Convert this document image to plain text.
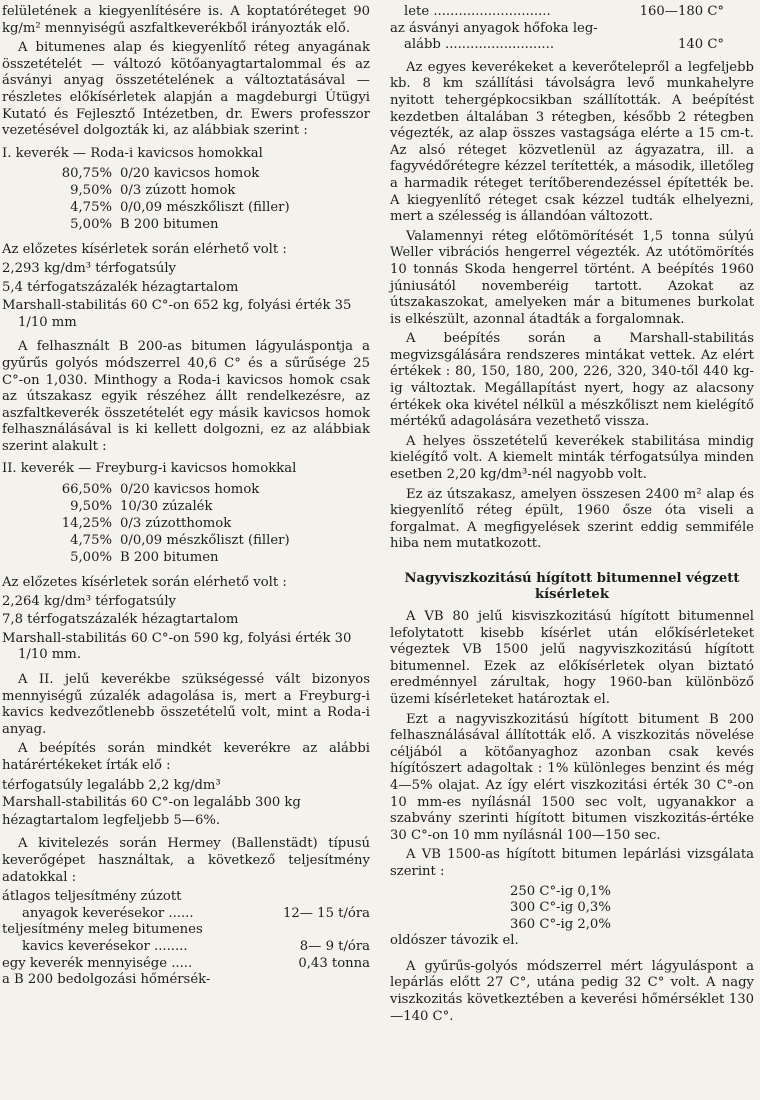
felületének a kiegyenlítésére is. A koptatóréteget 90 kg/m² mennyiségű aszfaltkeverékből irányozták elő.

A bitumenes alap és kiegyenlítő réteg anyagának összetételét — változó kötőanyagtartalommal és az ásványi anyag összetételének a változtatásával — részletes előkísérletek alapján a magdeburgi Útügyi Kutató és Fejlesztő Intézetben, dr. Ewers professzor vezetésével dolgozták ki, az alábbiak szerint :

I. keverék — Roda-i kavicsos homokkal
80,75% 0/20 kavicsos homok
9,50% 0/3 zúzott homok
4,75% 0/0,09 mészkőliszt (filler)
5,00% B 200 bitumen
Az előzetes kísérletek során elérhető volt :
2,293 kg/dm³ térfogatsúly
5,4 térfogatszázalék hézagtartalom
Marshall-stabilitás 60 C°-on 652 kg, folyási érték 35 1/10 mm

A felhasznált B 200-as bitumen lágyuláspontja a gyűrűs golyós módszerrel 40,6 C° és a sűrűsége 25 C°-on 1,030. Minthogy a Roda-i kavicsos homok csak az útszakasz egyik részéhez állt rendelkezésre, az aszfaltkeverék összetételét egy másik kavicsos homok felhasználásával is ki kellett dolgozni, ez az alábbiak szerint alakult :

II. keverék — Freyburg-i kavicsos homokkal
66,50% 0/20 kavicsos homok
9,50% 10/30 zúzalék
14,25% 0/3 zúzotthomok
4,75% 0/0,09 mészkőliszt (filler)
5,00% B 200 bitumen
Az előzetes kísérletek során elérhető volt :
2,264 kg/dm³ térfogatsúly
7,8 térfogatszázalék hézagtartalom
Marshall-stabilitás 60 C°-on 590 kg, folyási érték 30 1/10 mm.

A II. jelű keverékbe szükségessé vált bizonyos mennyiségű zúzalék adagolása is, mert a Freyburg-i kavics kedvezőtlenebb összetételű volt, mint a Roda-i anyag.

A beépítés során mindkét keverékre az alábbi határértékeket írták elő :

térfogatsúly legalább 2,2 kg/dm³
Marshall-stabilitás 60 C°-on legalább 300 kg
hézagtartalom legfeljebb 5—6%.

A kivitelezés során Hermey (Ballenstädt) típusú keverőgépet használtak, a következő teljesítmény adatokkal :

átlagos teljesítmény zúzott
anyagok keverésekor ......	12— 15 t/óra
teljesítmény meleg bitumenes
kavics keverésekor ........	8— 9 t/óra
egy keverék mennyisége .....	0,43 tonna
a B 200 bedolgozási hőmérsék-
lete ............................	160—180 C°
az ásványi anyagok hőfoka leg-
alább ..........................	140 C°

Az egyes keverékeket a keverőtelepről a legfeljebb kb. 8 km szállítási távolságra levő munkahelyre nyitott tehergépkocsikban szállították. A beépítést kezdetben általában 3 rétegben, később 2 rétegben végezték, az alap összes vastagsága elérte a 15 cm-t. Az alsó réteget közvetlenül az ágyazatra, ill. a fagyvédőrétegre kézzel terítették, a második, illetőleg a harmadik réteget terítőberendezéssel építették be. A kiegyenlítő réteget csak kézzel tudták elhelyezni, mert a szélesség is állandóan változott.

Valamennyi réteg előtömörítését 1,5 tonna súlyú Weller vibrációs hengerrel végezték. Az utótömörítés 10 tonnás Skoda hengerrel történt. A beépítés 1960 júniusától novemberéig tartott. Azokat az útszakaszokat, amelyeken már a bitumenes burkolat is elkészült, azonnal átadták a forgalomnak.

A beépítés során a Marshall-stabilitás megvizsgálására rendszeres mintákat vettek. Az elért értékek : 80, 150, 180, 200, 226, 320, 340-től 440 kg-ig változtak. Megállapítást nyert, hogy az alacsony értékek oka kivétel nélkül a mészkőliszt nem kielégítő mértékű adagolására vezethető vissza.

A helyes összetételű keverékek stabilitása mindig kielégítő volt. A kiemelt minták térfogatsúlya minden esetben 2,20 kg/dm³-nél nagyobb volt.

Ez az útszakasz, amelyen összesen 2400 m² alap és kiegyenlítő réteg épült, 1960 ősze óta viseli a forgalmat. A megfigyelések szerint eddig semmiféle hiba nem mutatkozott.

Nagyviszkozitású hígított bitumennel végzett kísérletek

A VB 80 jelű kisviszkozitású hígított bitumennel lefolytatott kisebb kísérlet után előkísérleteket végeztek VB 1500 jelű nagyviszkozitású hígított bitumennel. Ezek az előkísérletek olyan biztató eredménnyel zárultak, hogy 1960-ban különböző üzemi kísérleteket határoztak el.

Ezt a nagyviszkozitású hígított bitument B 200 felhasználásával állították elő. A viszkozitás növelése céljából a kötőanyaghoz azonban csak kevés hígítószert adagoltak : 1% különleges benzint és még 4—5% olajat. Az így elért viszkozitási érték 30 C°-on 10 mm-es nyílásnál 1500 sec volt, ugyanakkor a szabvány szerinti hígított bitumen viszkozitás-értéke 30 C°-on 10 mm nyílásnál 100—150 sec.

A VB 1500-as hígított bitumen lepárlási vizsgálata szerint :

250 C°-ig 0,1%
300 C°-ig 0,3%
360 C°-ig 2,0%

oldószer távozik el.

A gyűrűs-golyós módszerrel mért lágyuláspont a lepárlás előtt 27 C°, utána pedig 32 C° volt. A nagy viszkozitás következtében a keverési hőmérséklet 130—140 C°.
